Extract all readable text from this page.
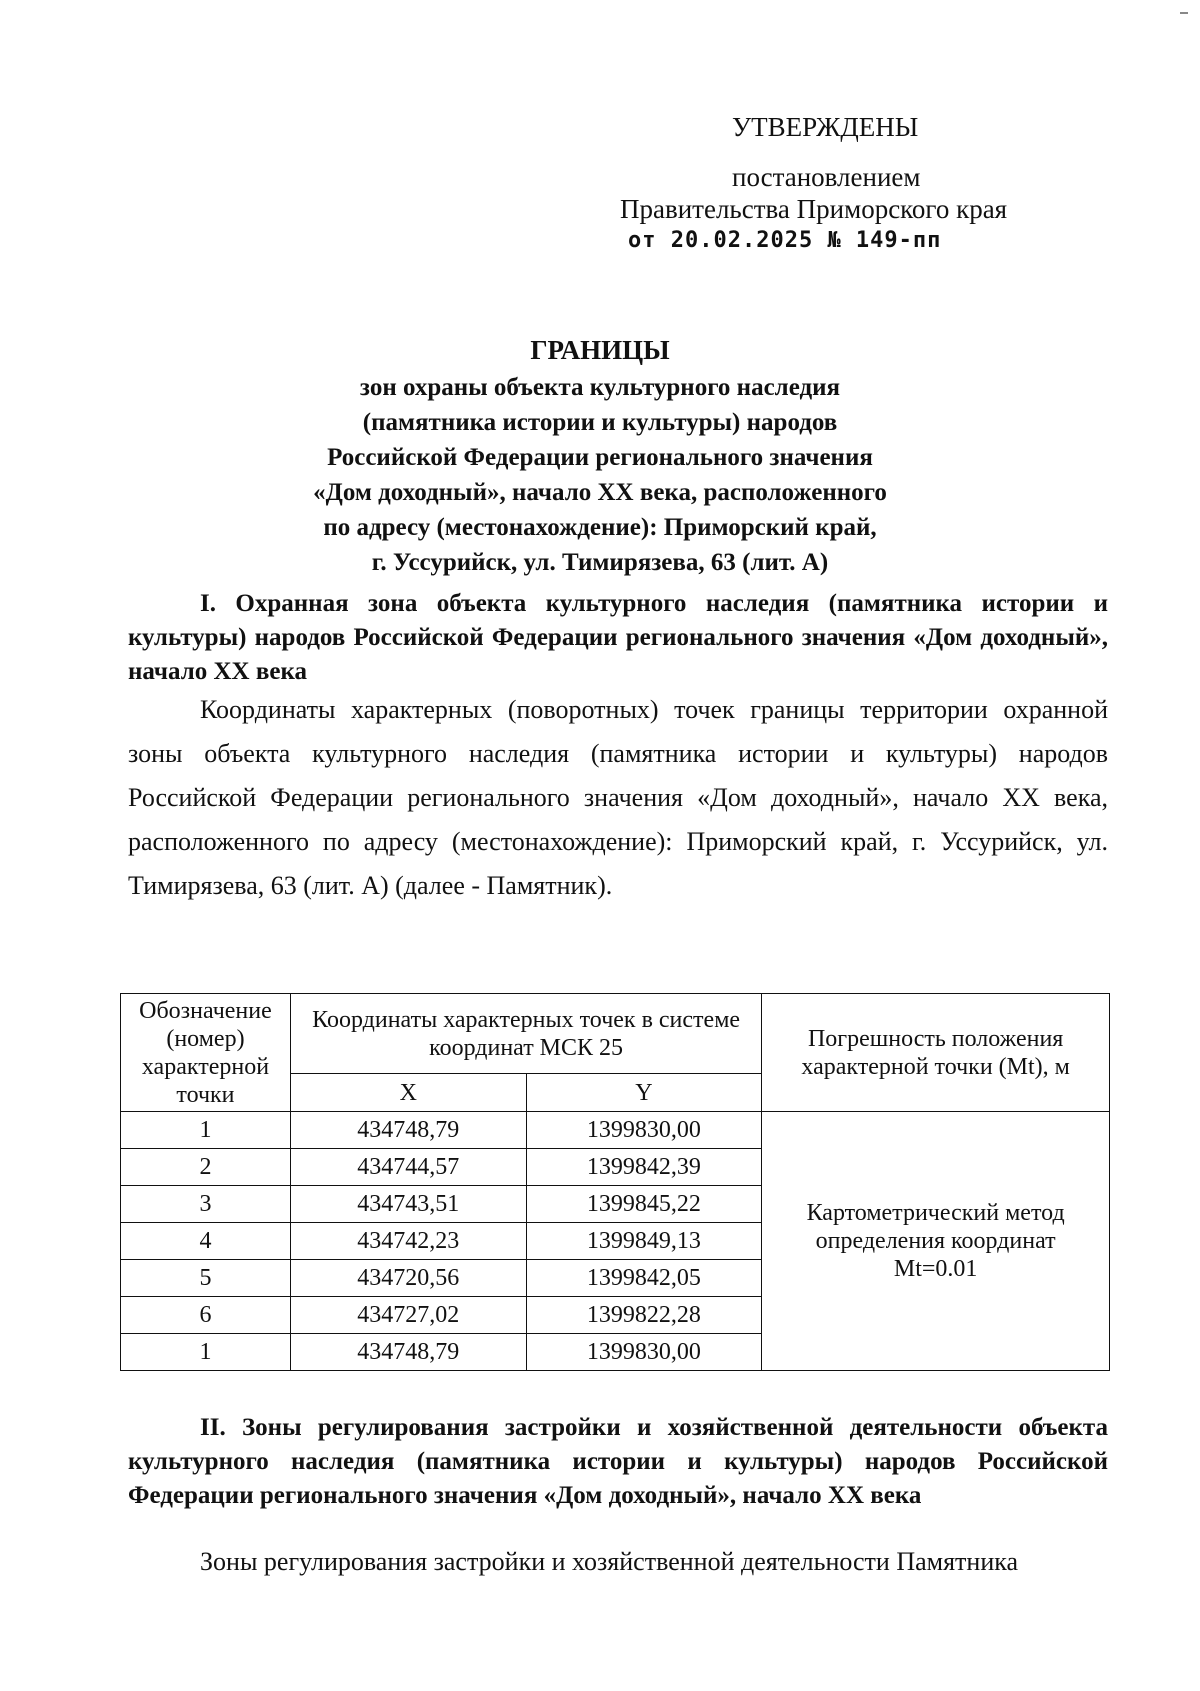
УТВЕРЖДЕНЫ
постановлением
Правительства Приморского края
от 20.02.2025 № 149-пп
ГРАНИЦЫ
зон охраны объекта культурного наследия
(памятника истории и культуры) народов
Российской Федерации регионального значения
«Дом доходный», начало XX века, расположенного
по адресу (местонахождение): Приморский край,
г. Уссурийск, ул. Тимирязева, 63 (лит. А)
I. Охранная зона объекта культурного наследия (памятника истории и культуры) народов Российской Федерации регионального значения «Дом доходный», начало XX века
Координаты характерных (поворотных) точек границы территории охранной зоны объекта культурного наследия (памятника истории и культуры) народов Российской Федерации регионального значения «Дом доходный», начало XX века, расположенного по адресу (местонахождение): Приморский край, г. Уссурийск, ул. Тимирязева, 63 (лит. А) (далее - Памятник).
Обозначение (номер) характерной точки	Координаты характерных точек в системе координат МСК 25		Погрешность положения характерной точки (Mt), м
	X	Y	
1	434748,79	1399830,00	Картометрический метод определения координат Mt=0.01
2	434744,57	1399842,39	
3	434743,51	1399845,22	
4	434742,23	1399849,13	
5	434720,56	1399842,05	
6	434727,02	1399822,28	
1	434748,79	1399830,00	
II. Зоны регулирования застройки и хозяйственной деятельности объекта культурного наследия (памятника истории и культуры) народов Российской Федерации регионального значения «Дом доходный», начало XX века
Зоны регулирования застройки и хозяйственной деятельности Памятника
